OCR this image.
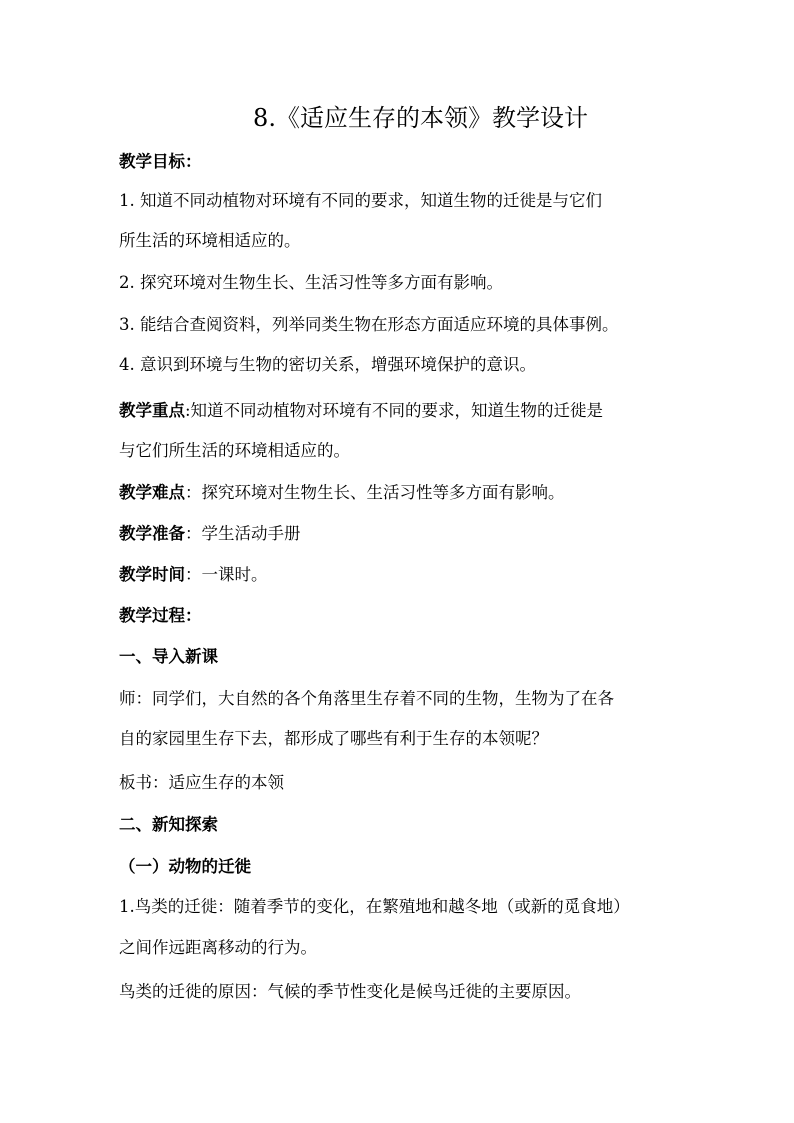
8.《适应生存的本领》教学设计
教学目标：
1. 知道不同动植物对环境有不同的要求，知道生物的迁徙是与它们
所生活的环境相适应的。
2. 探究环境对生物生长、生活习性等多方面有影响。
3. 能结合查阅资料，列举同类生物在形态方面适应环境的具体事例。
4. 意识到环境与生物的密切关系，增强环境保护的意识。
教学重点:知道不同动植物对环境有不同的要求，知道生物的迁徙是
与它们所生活的环境相适应的。
教学难点：探究环境对生物生长、生活习性等多方面有影响。
教学准备：学生活动手册
教学时间：一课时。
教学过程：
一、导入新课
师：同学们，大自然的各个角落里生存着不同的生物，生物为了在各
自的家园里生存下去，都形成了哪些有利于生存的本领呢？
板书：适应生存的本领
二、新知探索
（一）动物的迁徙
1.鸟类的迁徙：随着季节的变化，在繁殖地和越冬地（或新的觅食地）
之间作远距离移动的行为。
鸟类的迁徙的原因：气候的季节性变化是候鸟迁徙的主要原因。
